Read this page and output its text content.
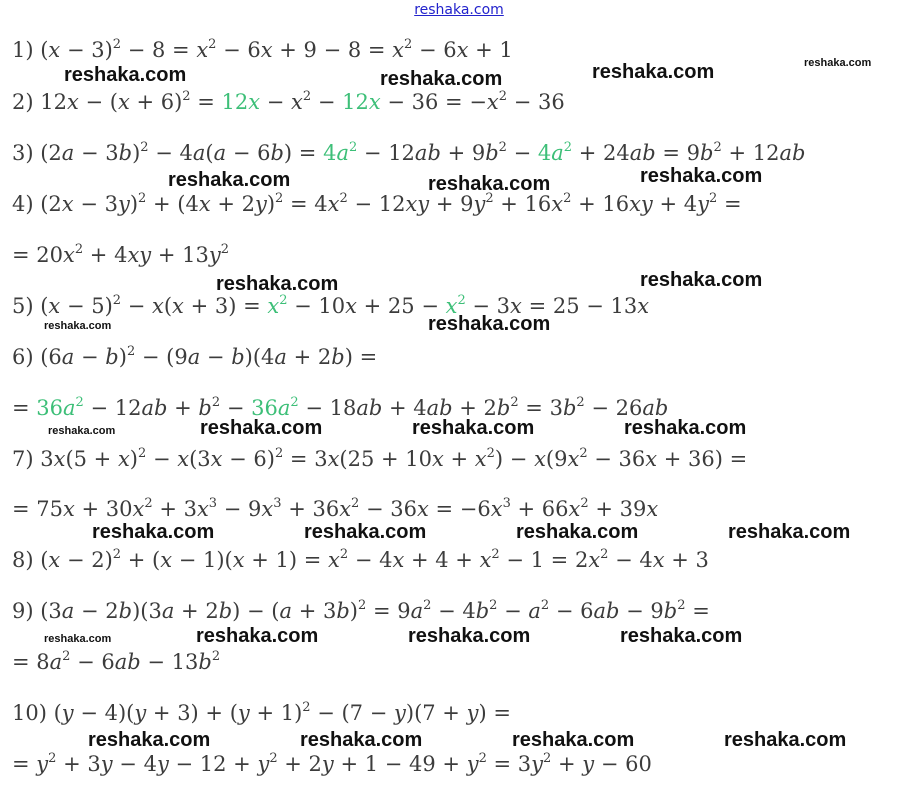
reshaka.com
1) $(x - 3)^2 - 8 = x^2 - 6x + 9 - 8 = x^2 - 6x + 1$
2) $12x - (x + 6)^2 = 12x - x^2 - 12x - 36 = -x^2 - 36$
3) $(2a - 3b)^2 - 4a(a - 6b) = 4a^2 - 12ab + 9b^2 - 4a^2 + 24ab = 9b^2 + 12ab$
4) $(2x - 3y)^2 + (4x + 2y)^2 = 4x^2 - 12xy + 9y^2 + 16x^2 + 16xy + 4y^2$ =
= $20x^2 + 4xy + 13y^2$
5) $(x - 5)^2 - x(x + 3) = x^2 - 10x + 25 - x^2 - 3x = 25 - 13x$
6) $(6a - b)^2 - (9a - b)(4a + 2b)$ =
= $36a^2 - 12ab + b^2 - 36a^2 - 18ab + 4ab + 2b^2 = 3b^2 - 26ab$
7) $3x(5 + x)^2 - x(3x - 6)^2 = 3x(25 + 10x + x^2) - x(9x^2 - 36x + 36)$ =
= $75x + 30x^2 + 3x^3 - 9x^3 + 36x^2 - 36x = -6x^3 + 66x^2 + 39x$
8) $(x - 2)^2 + (x - 1)(x + 1) = x^2 - 4x + 4 + x^2 - 1 = 2x^2 - 4x + 3$
9) $(3a - 2b)(3a + 2b) - (a + 3b)^2 = 9a^2 - 4b^2 - a^2 - 6ab - 9b^2$ =
= $8a^2 - 6ab - 13b^2$
10) $(y - 4)(y + 3) + (y + 1)^2 - (7 - y)(7 + y)$ =
= $y^2 + 3y - 4y - 12 + y^2 + 2y + 1 - 49 + y^2 = 3y^2 + y - 60$
reshaka.com	reshaka.com	reshaka.com	reshaka.com
reshaka.com	reshaka.com	reshaka.com
reshaka.com	reshaka.com
reshaka.com	reshaka.com
reshaka.com	reshaka.com	reshaka.com	reshaka.com
reshaka.com	reshaka.com	reshaka.com	reshaka.com
reshaka.com	reshaka.com	reshaka.com	reshaka.com
reshaka.com	reshaka.com	reshaka.com	reshaka.com
